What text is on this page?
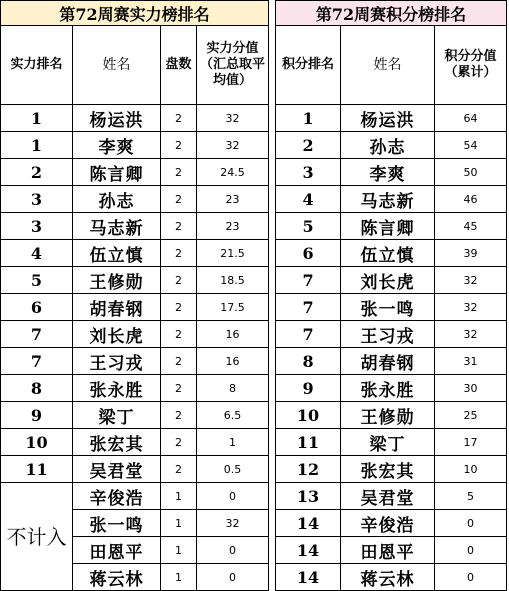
第72周赛实力榜排名					第72周赛积分榜排名		
实力排名	姓名	盘数	实力分值（汇总取平均值）		积分排名	姓名	积分分值（累计）
1	杨运洪	2	32		1	杨运洪	64
1	李爽	2	32		2	孙志	54
2	陈言卿	2	24.5		3	李爽	50
3	孙志	2	23		4	马志新	46
3	马志新	2	23		5	陈言卿	45
4	伍立慎	2	21.5		6	伍立慎	39
5	王修勋	2	18.5		7	刘长虎	32
6	胡春钢	2	17.5		7	张一鸣	32
7	刘长虎	2	16		7	王习戎	32
7	王习戎	2	16		8	胡春钢	31
8	张永胜	2	8		9	张永胜	30
9	梁丁	2	6.5		10	王修勋	25
10	张宏其	2	1		11	梁丁	17
11	吴君堂	2	0.5		12	张宏其	10
不计入	辛俊浩	1	0		13	吴君堂	5
	张一鸣	1	32		14	辛俊浩	0
	田恩平	1	0		14	田恩平	0
	蒋云林	1	0		14	蒋云林	0
